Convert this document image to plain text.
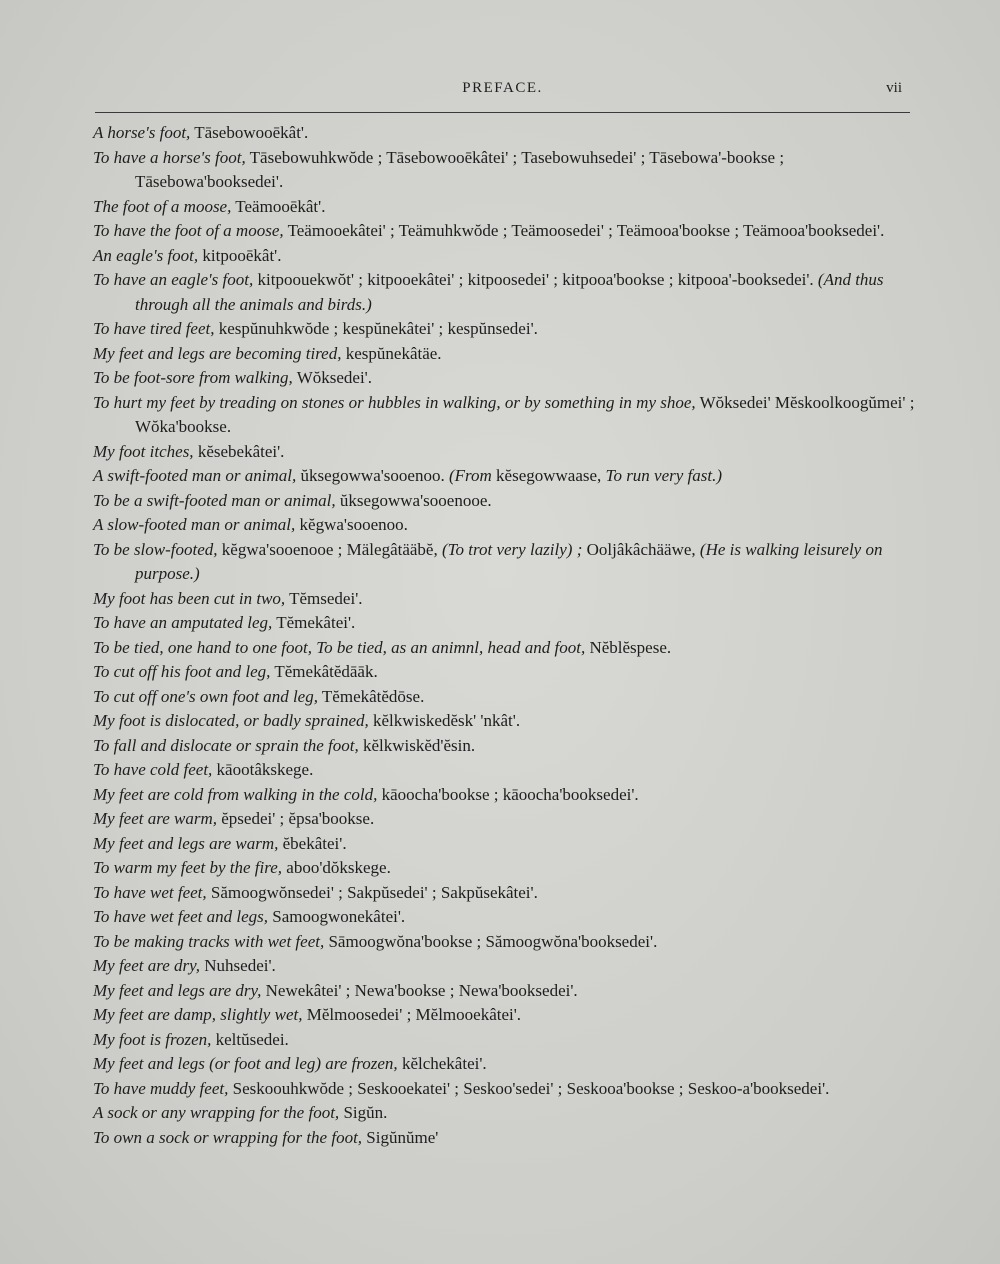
PREFACE.	vii
A horse's foot, Tāsebowooēkât'.
To have a horse's foot, Tāsebowuhkwŏde ; Tāsebowooēkâtei' ; Tasebowuhsedei' ; Tāsebowa'-bookse ; Tāsebowa'booksedei'.
The foot of a moose, Teämooēkât'.
To have the foot of a moose, Teämooekâtei' ; Teämuhkwŏde ; Teämoosedei' ; Teämooa'bookse ; Teämooa'booksedei'.
An eagle's foot, kitpooēkât'.
To have an eagle's foot, kitpoouekwŏt' ; kitpooekâtei' ; kitpoosedei' ; kitpooa'bookse ; kitpooa'-booksedei'. (And thus through all the animals and birds.)
To have tired feet, kespŭnuhkwŏde ; kespŭnekâtei' ; kespŭnsedei'.
My feet and legs are becoming tired, kespŭnekâtäe.
To be foot-sore from walking, Wŏksedei'.
To hurt my feet by treading on stones or hubbles in walking, or by something in my shoe, Wŏksedei' Mĕskoolkoogŭmei' ; Wŏka'bookse.
My foot itches, kĕsebekâtei'.
A swift-footed man or animal, ŭksegowwa'sooenoo. (From kĕsegowwaase, To run very fast.)
To be a swift-footed man or animal, ŭksegowwa'sooenooe.
A slow-footed man or animal, kĕgwa'sooenoo.
To be slow-footed, kĕgwa'sooenooe ; Mälegâtääbĕ, (To trot very lazily) ; Ooljâkâchääwe, (He is walking leisurely on purpose.)
My foot has been cut in two, Tĕmsedei'.
To have an amputated leg, Tĕmekâtei'.
To be tied, one hand to one foot, To be tied, as an animnl, head and foot, Nĕblĕspese.
To cut off his foot and leg, Tĕmekâtĕdāāk.
To cut off one's own foot and leg, Tĕmekâtĕdōse.
My foot is dislocated, or badly sprained, kĕlkwiskedĕsk' 'nkât'.
To fall and dislocate or sprain the foot, kĕlkwiskĕd'ĕsin.
To have cold feet, kāootâkskege.
My feet are cold from walking in the cold, kāoocha'bookse ; kāoocha'booksedei'.
My feet are warm, ĕpsedei' ; ĕpsa'bookse.
My feet and legs are warm, ĕbekâtei'.
To warm my feet by the fire, aboo'dŏkskege.
To have wet feet, Sămoogwŏnsedei' ; Sakpŭsedei' ; Sakpŭsekâtei'.
To have wet feet and legs, Samoogwonekâtei'.
To be making tracks with wet feet, Sāmoogwŏna'bookse ; Sămoogwŏna'booksedei'.
My feet are dry, Nuhsedei'.
My feet and legs are dry, Newekâtei' ; Newa'bookse ; Newa'booksedei'.
My feet are damp, slightly wet, Mĕlmoosedei' ; Mĕlmooekâtei'.
My foot is frozen, keltŭsedei.
My feet and legs (or foot and leg) are frozen, kĕlchekâtei'.
To have muddy feet, Seskoouhkwŏde ; Seskooekatei' ; Seskoo'sedei' ; Seskooa'bookse ; Seskoo-a'booksedei'.
A sock or any wrapping for the foot, Sigŭn.
To own a sock or wrapping for the foot, Sigŭnŭme'
